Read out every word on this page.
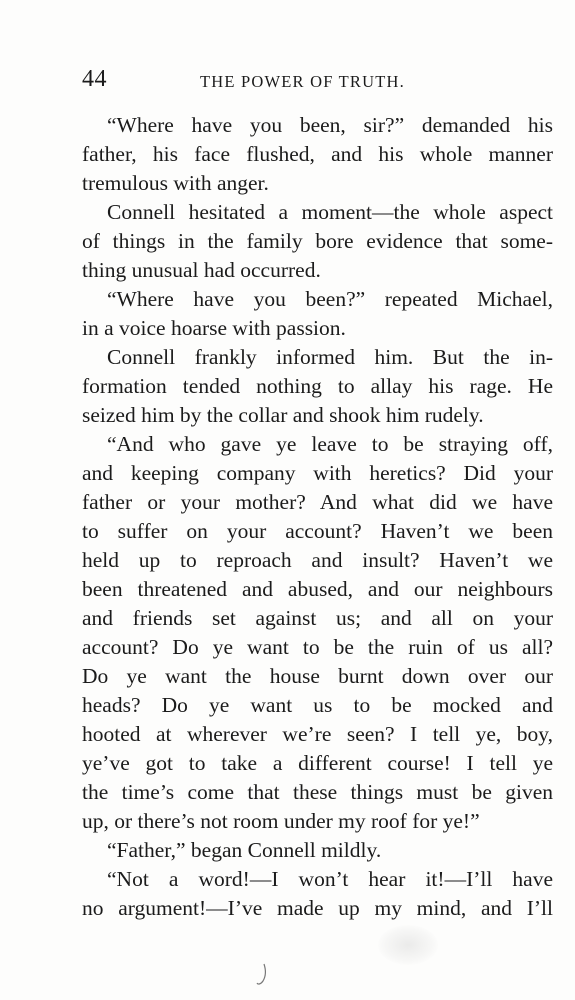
44	THE POWER OF TRUTH.
“Where have you been, sir?” demanded his
father, his face flushed, and his whole manner
tremulous with anger.
Connell hesitated a moment—the whole aspect
of things in the family bore evidence that some-
thing unusual had occurred.
“Where have you been?” repeated Michael,
in a voice hoarse with passion.
Connell frankly informed him. But the in-
formation tended nothing to allay his rage. He
seized him by the collar and shook him rudely.
“And who gave ye leave to be straying off,
and keeping company with heretics? Did your
father or your mother? And what did we have
to suffer on your account? Haven’t we been
held up to reproach and insult? Haven’t we
been threatened and abused, and our neighbours
and friends set against us; and all on your
account? Do ye want to be the ruin of us all?
Do ye want the house burnt down over our
heads? Do ye want us to be mocked and
hooted at wherever we’re seen? I tell ye, boy,
ye’ve got to take a different course! I tell ye
the time’s come that these things must be given
up, or there’s not room under my roof for ye!”
“Father,” began Connell mildly.
“Not a word!—I won’t hear it!—I’ll have
no argument!—I’ve made up my mind, and I’ll
